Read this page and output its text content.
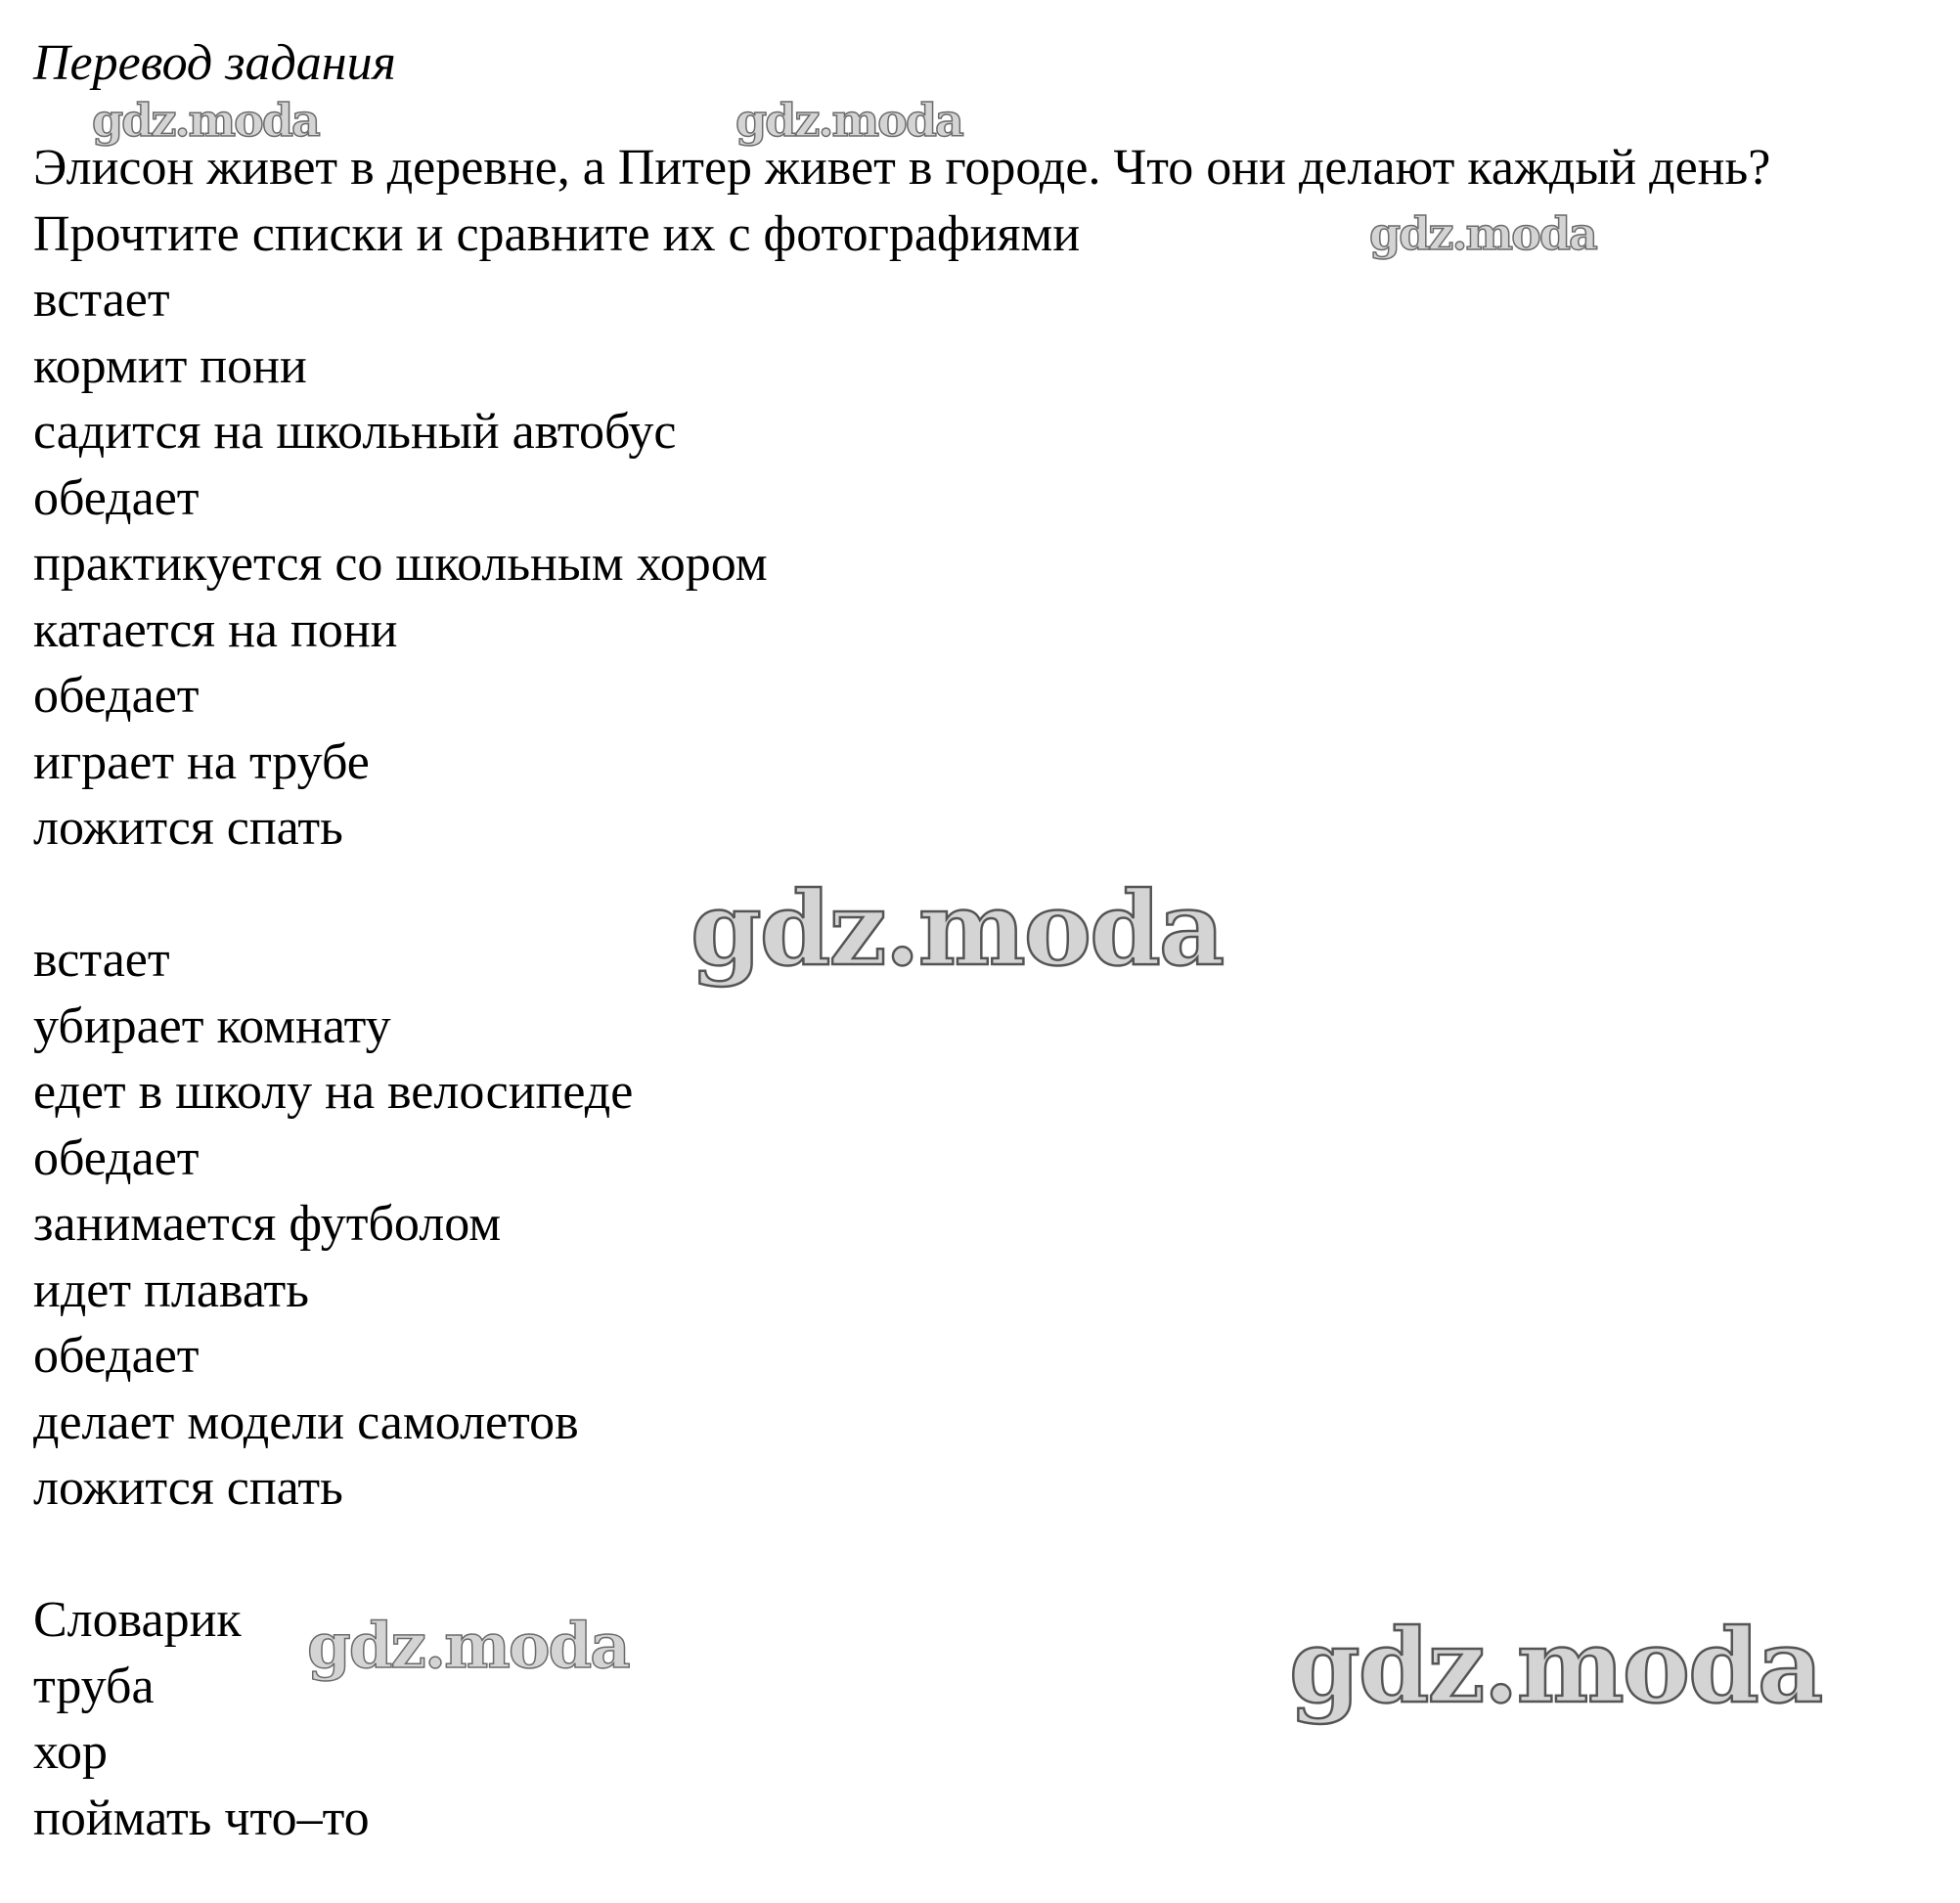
Перевод задания
Элисон живет в деревне, а Питер живет в городе. Что они делают каждый день? Прочтите списки и сравните их с фотографиями
встает
кормит пони
садится на школьный автобус
обедает
практикуется со школьным хором
катается на пони
обедает
играет на трубе
ложится спать
встает
убирает комнату
едет в школу на велосипеде
обедает
занимается футболом
идет плавать
обедает
делает модели самолетов
ложится спать
Словарик
труба
хор
поймать что–то
gdz.moda	gdz.moda
gdz.moda
gdz.moda
gdz.moda	gdz.moda
